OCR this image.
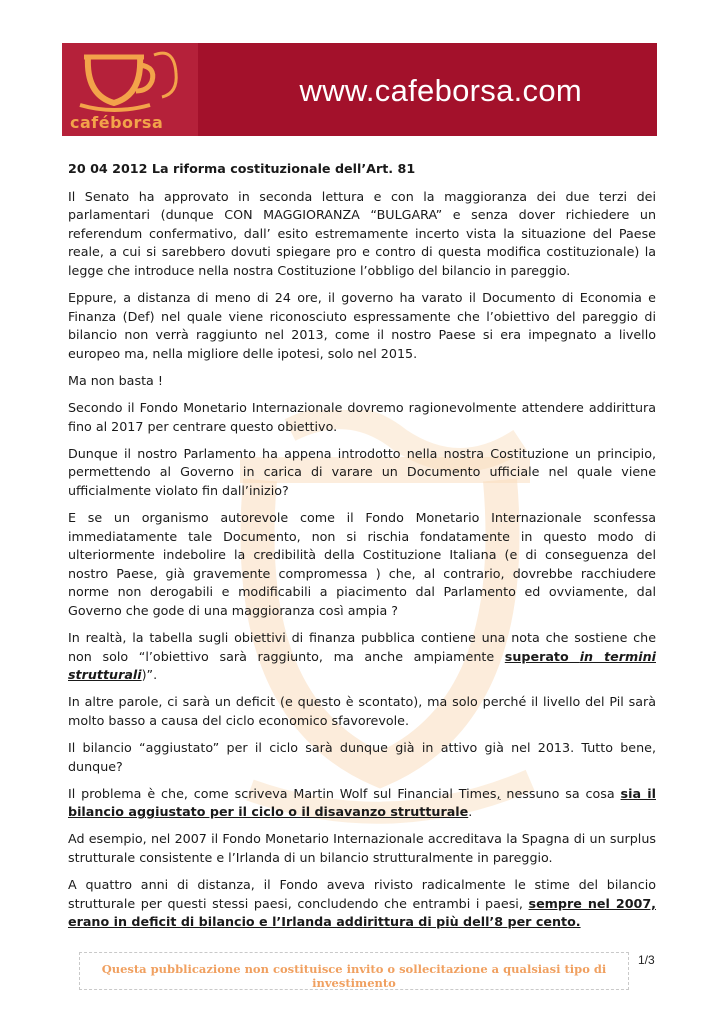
caféborsa
www.cafeborsa.com

20 04 2012 La riforma costituzionale dell’Art. 81

Il Senato ha approvato in seconda lettura e con la maggioranza dei due terzi dei parlamentari (dunque CON MAGGIORANZA “BULGARA” e senza dover richiedere un referendum confermativo, dall’ esito estremamente incerto vista la situazione del Paese reale, a cui si sarebbero dovuti spiegare pro e contro di questa modifica costituzionale) la legge che introduce nella nostra Costituzione l’obbligo del bilancio in pareggio.

Eppure, a distanza di meno di 24 ore, il governo ha varato il Documento di Economia e Finanza (Def) nel quale viene riconosciuto espressamente che l’obiettivo del pareggio di bilancio non verrà raggiunto nel 2013, come il nostro Paese si era impegnato a livello europeo ma, nella migliore delle ipotesi, solo nel 2015.

Ma non basta !

Secondo il Fondo Monetario Internazionale dovremo ragionevolmente attendere addirittura fino al 2017 per centrare questo obiettivo.

Dunque il nostro Parlamento ha appena introdotto nella nostra Costituzione un principio, permettendo al Governo in carica di varare un Documento ufficiale nel quale viene ufficialmente violato fin dall’inizio?

E se un organismo autorevole come il Fondo Monetario Internazionale sconfessa immediatamente tale Documento, non si rischia fondatamente in questo modo di ulteriormente indebolire la credibilità della Costituzione Italiana (e di conseguenza del nostro Paese, già gravemente compromessa ) che, al contrario, dovrebbe racchiudere norme non derogabili e modificabili a piacimento dal Parlamento ed ovviamente, dal Governo che gode di una maggioranza così ampia ?

In realtà, la tabella sugli obiettivi di finanza pubblica contiene una nota che sostiene che non solo “l’obiettivo sarà raggiunto, ma anche ampiamente superato in termini strutturali)”.

In altre parole, ci sarà un deficit (e questo è scontato), ma solo perché il livello del Pil sarà molto basso a causa del ciclo economico sfavorevole.

Il bilancio “aggiustato” per il ciclo sarà dunque già in attivo già nel 2013. Tutto bene, dunque?

Il problema è che, come scriveva Martin Wolf sul Financial Times, nessuno sa cosa sia il bilancio aggiustato per il ciclo o il disavanzo strutturale.

Ad esempio, nel 2007 il Fondo Monetario Internazionale accreditava la Spagna di un surplus strutturale consistente e l’Irlanda di un bilancio strutturalmente in pareggio.

A quattro anni di distanza, il Fondo aveva rivisto radicalmente le stime del bilancio strutturale per questi stessi paesi, concludendo che entrambi i paesi, sempre nel 2007, erano in deficit di bilancio e l’Irlanda addirittura di più dell’8 per cento.

1/3
Questa pubblicazione non costituisce invito o sollecitazione a qualsiasi tipo di investimento
